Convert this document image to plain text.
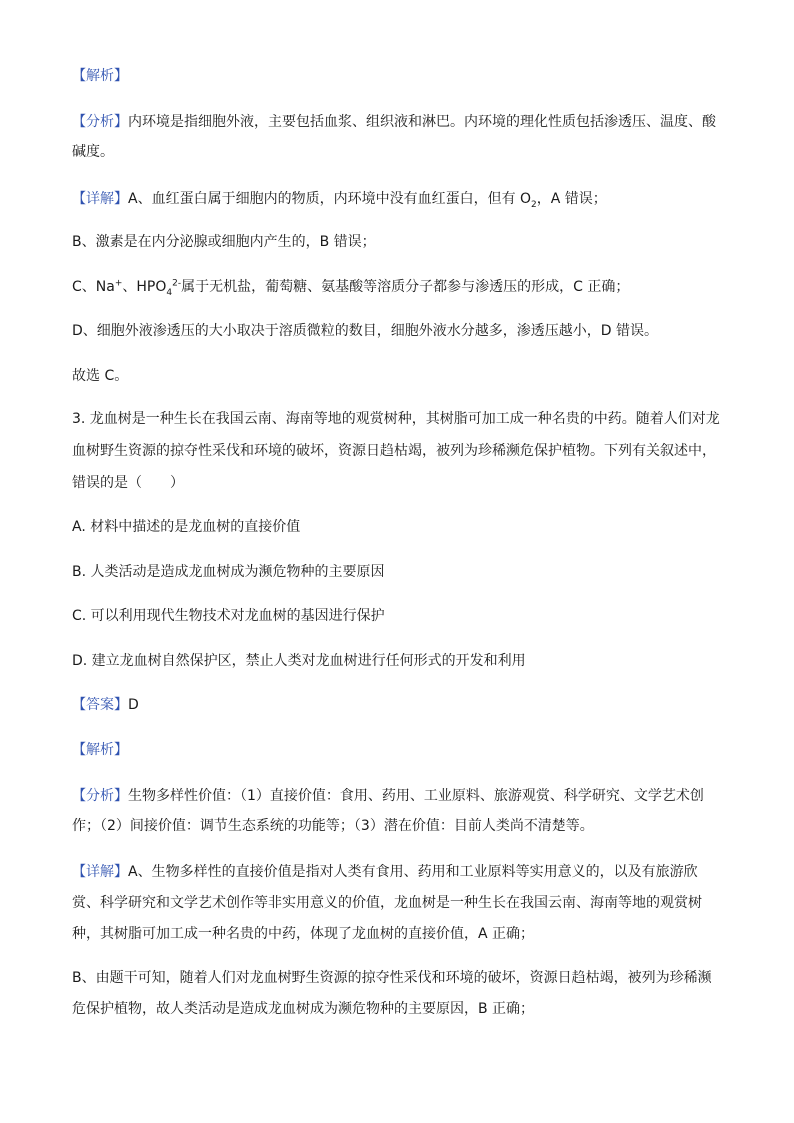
【解析】
【分析】内环境是指细胞外液，主要包括血浆、组织液和淋巴。内环境的理化性质包括渗透压、温度、酸
碱度。
【详解】A、血红蛋白属于细胞内的物质，内环境中没有血红蛋白，但有 $O_2$，A 错误；
B、激素是在内分泌腺或细胞内产生的，B 错误；
C、Na+、$HPO_4^{2-}$属于无机盐，葡萄糖、氨基酸等溶质分子都参与渗透压的形成，C 正确；
D、细胞外液渗透压的大小取决于溶质微粒的数目，细胞外液水分越多，渗透压越小，D 错误。
故选 C。
3. 龙血树是一种生长在我国云南、海南等地的观赏树种，其树脂可加工成一种名贵的中药。随着人们对龙
血树野生资源的掠夺性采伐和环境的破坏，资源日趋枯竭，被列为珍稀濒危保护植物。下列有关叙述中，
错误的是（　　）
A. 材料中描述的是龙血树的直接价值
B. 人类活动是造成龙血树成为濒危物种的主要原因
C. 可以利用现代生物技术对龙血树的基因进行保护
D. 建立龙血树自然保护区，禁止人类对龙血树进行任何形式的开发和利用
【答案】D
【解析】
【分析】生物多样性价值：（1）直接价值：食用、药用、工业原料、旅游观赏、科学研究、文学艺术创
作；（2）间接价值：调节生态系统的功能等；（3）潜在价值：目前人类尚不清楚等。
【详解】A、生物多样性的直接价值是指对人类有食用、药用和工业原料等实用意义的，以及有旅游欣
赏、科学研究和文学艺术创作等非实用意义的价值，龙血树是一种生长在我国云南、海南等地的观赏树
种，其树脂可加工成一种名贵的中药，体现了龙血树的直接价值，A 正确；
B、由题干可知，随着人们对龙血树野生资源的掠夺性采伐和环境的破坏，资源日趋枯竭，被列为珍稀濒
危保护植物，故人类活动是造成龙血树成为濒危物种的主要原因，B 正确；
